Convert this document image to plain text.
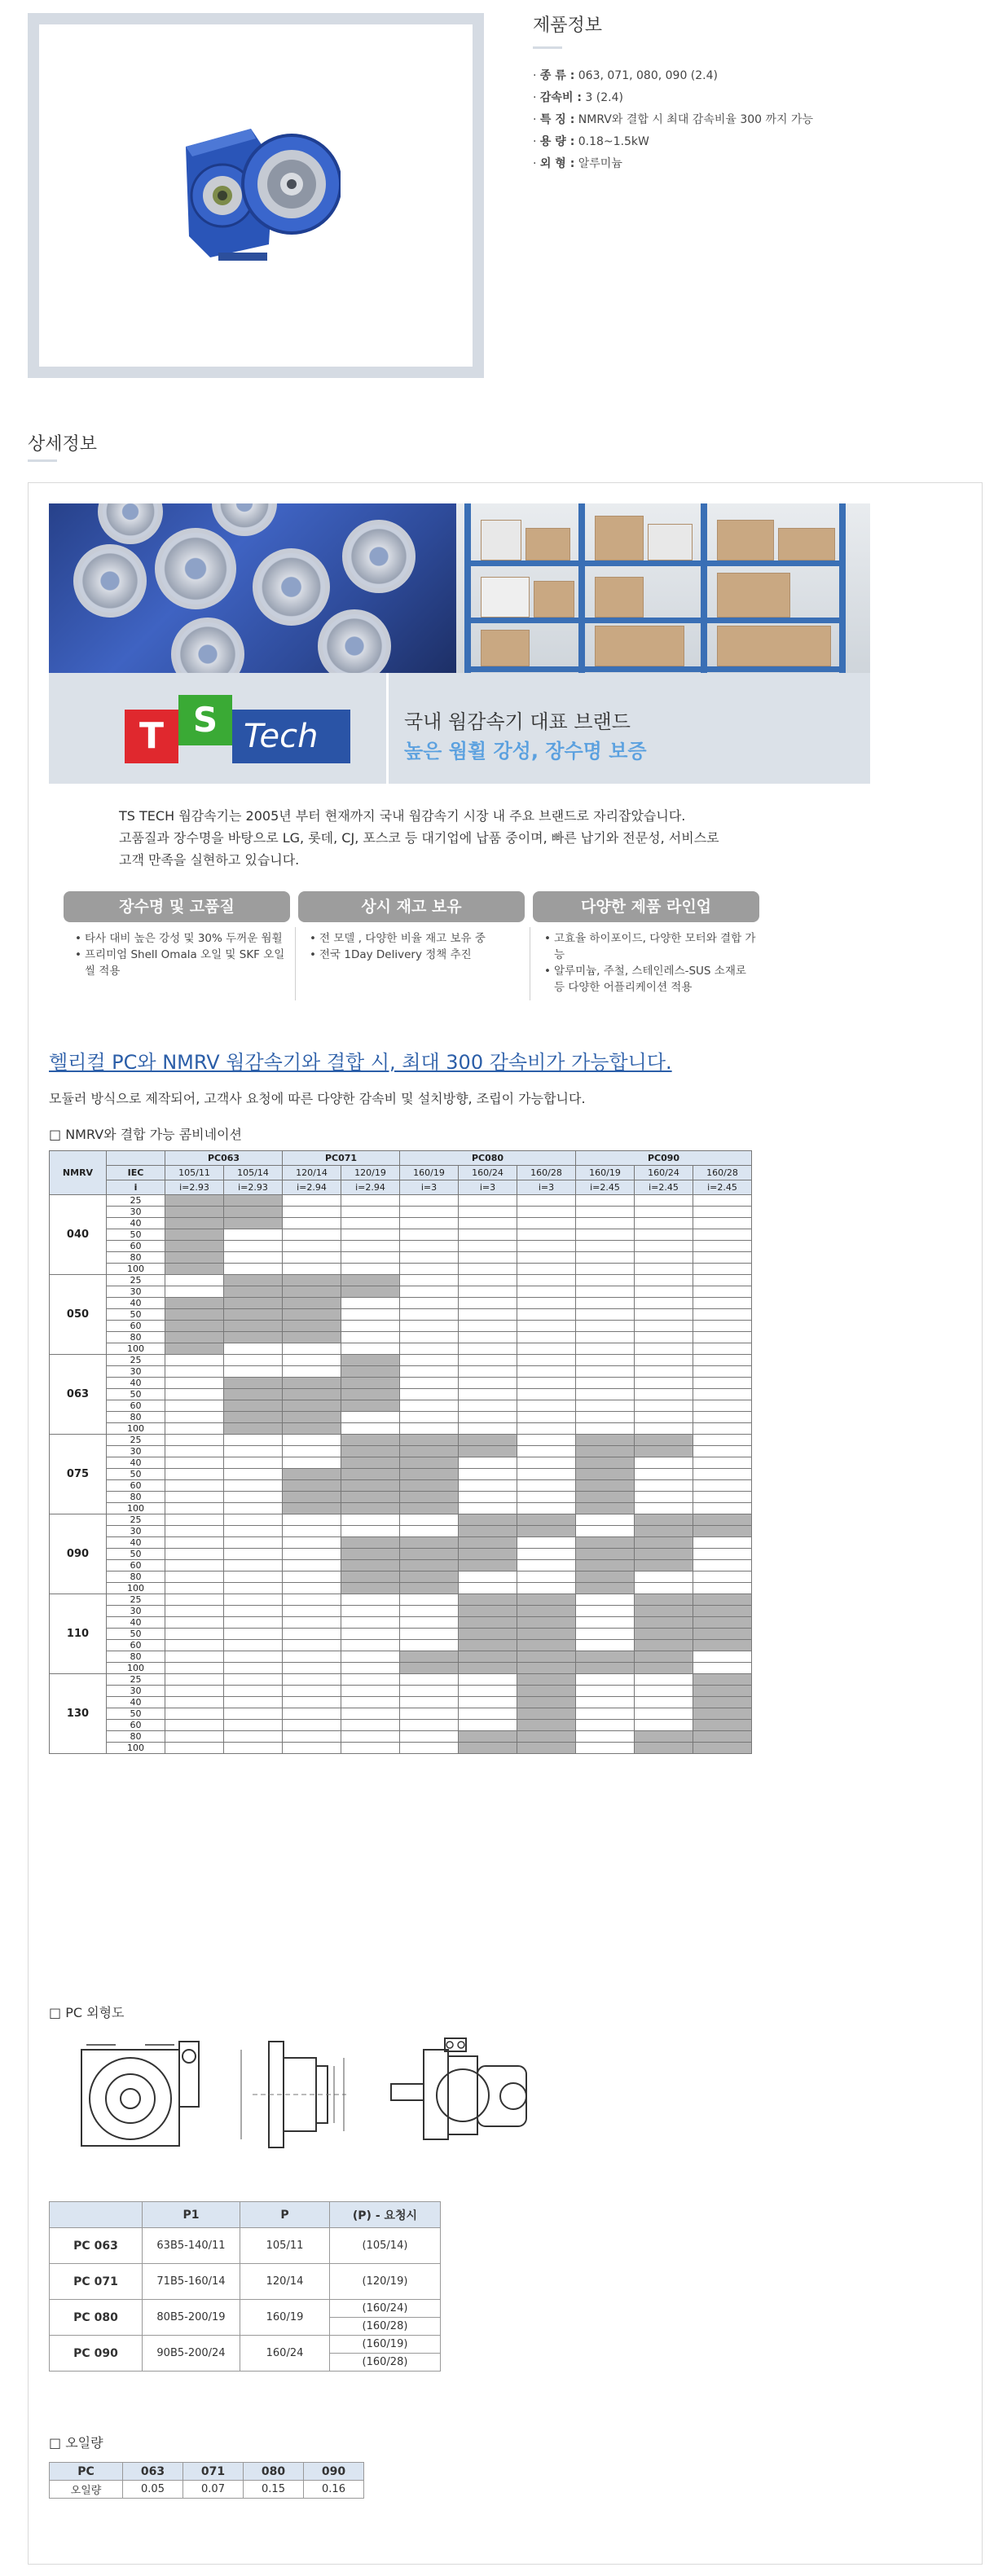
제품정보
· 종 류 : 063, 071, 080, 090 (2.4)
· 감속비 : 3 (2.4)
· 특 징 : NMRV와 결합 시 최대 감속비율 300 까지 가능
· 용 량 : 0.18~1.5kW
· 외 형 : 알루미늄
상세정보
T S Tech	국내 웜감속기 대표 브랜드
높은 웜휠 강성, 장수명 보증
TS TECH 웜감속기는 2005년 부터 현재까지 국내 웜감속기 시장 내 주요 브랜드로 자리잡았습니다.
고품질과 장수명을 바탕으로 LG, 롯데, CJ, 포스코 등 대기업에 납품 중이며, 빠른 납기와 전문성, 서비스로
고객 만족을 실현하고 있습니다.
장수명 및 고품질
• 타사 대비 높은 강성 및 30% 두꺼운 웜휠
• 프리미엄 Shell Omala 오일 및 SKF 오일씰 적용
상시 재고 보유
• 전 모델 , 다양한 비율 재고 보유 중
• 전국 1Day Delivery 정책 추진
다양한 제품 라인업
• 고효율 하이포이드, 다양한 모터와 결합 가능
• 알루미늄, 주철, 스테인레스-SUS 소재로 등 다양한 어플리케이션 적용
헬리컬 PC와 NMRV 웜감속기와 결합 시, 최대 300 감속비가 가능합니다.
모듈러 방식으로 제작되어, 고객사 요청에 따른 다양한 감속비 및 설치방향, 조립이 가능합니다.
□ NMRV와 결합 가능 콤비네이션
NMRV		PC063		PC071		PC080			PC090		
	IEC	105/11	105/14	120/14	120/19	160/19	160/24	160/28	160/19	160/24	160/28
	i	i=2.93	i=2.93	i=2.94	i=2.94	i=3	i=3	i=3	i=2.45	i=2.45	i=2.45
040	25										
	30										
	40										
	50										
	60										
	80										
	100										
050	25										
	30										
	40										
	50										
	60										
	80										
	100										
063	25										
	30										
	40										
	50										
	60										
	80										
	100										
075	25										
	30										
	40										
	50										
	60										
	80										
	100										
090	25										
	30										
	40										
	50										
	60										
	80										
	100										
110	25										
	30										
	40										
	50										
	60										
	80										
	100										
130	25										
	30										
	40										
	50										
	60										
	80										
	100										
□ PC 외형도
	P1	P	(P) - 요청시
PC 063	63B5-140/11	105/11	(105/14)
PC 071	71B5-160/14	120/14	(120/19)
PC 080	80B5-200/19	160/19	(160/24)
			(160/28)
PC 090	90B5-200/24	160/24	(160/19)
			(160/28)
□ 오일량
PC	063	071	080	090
오일량	0.05	0.07	0.15	0.16
